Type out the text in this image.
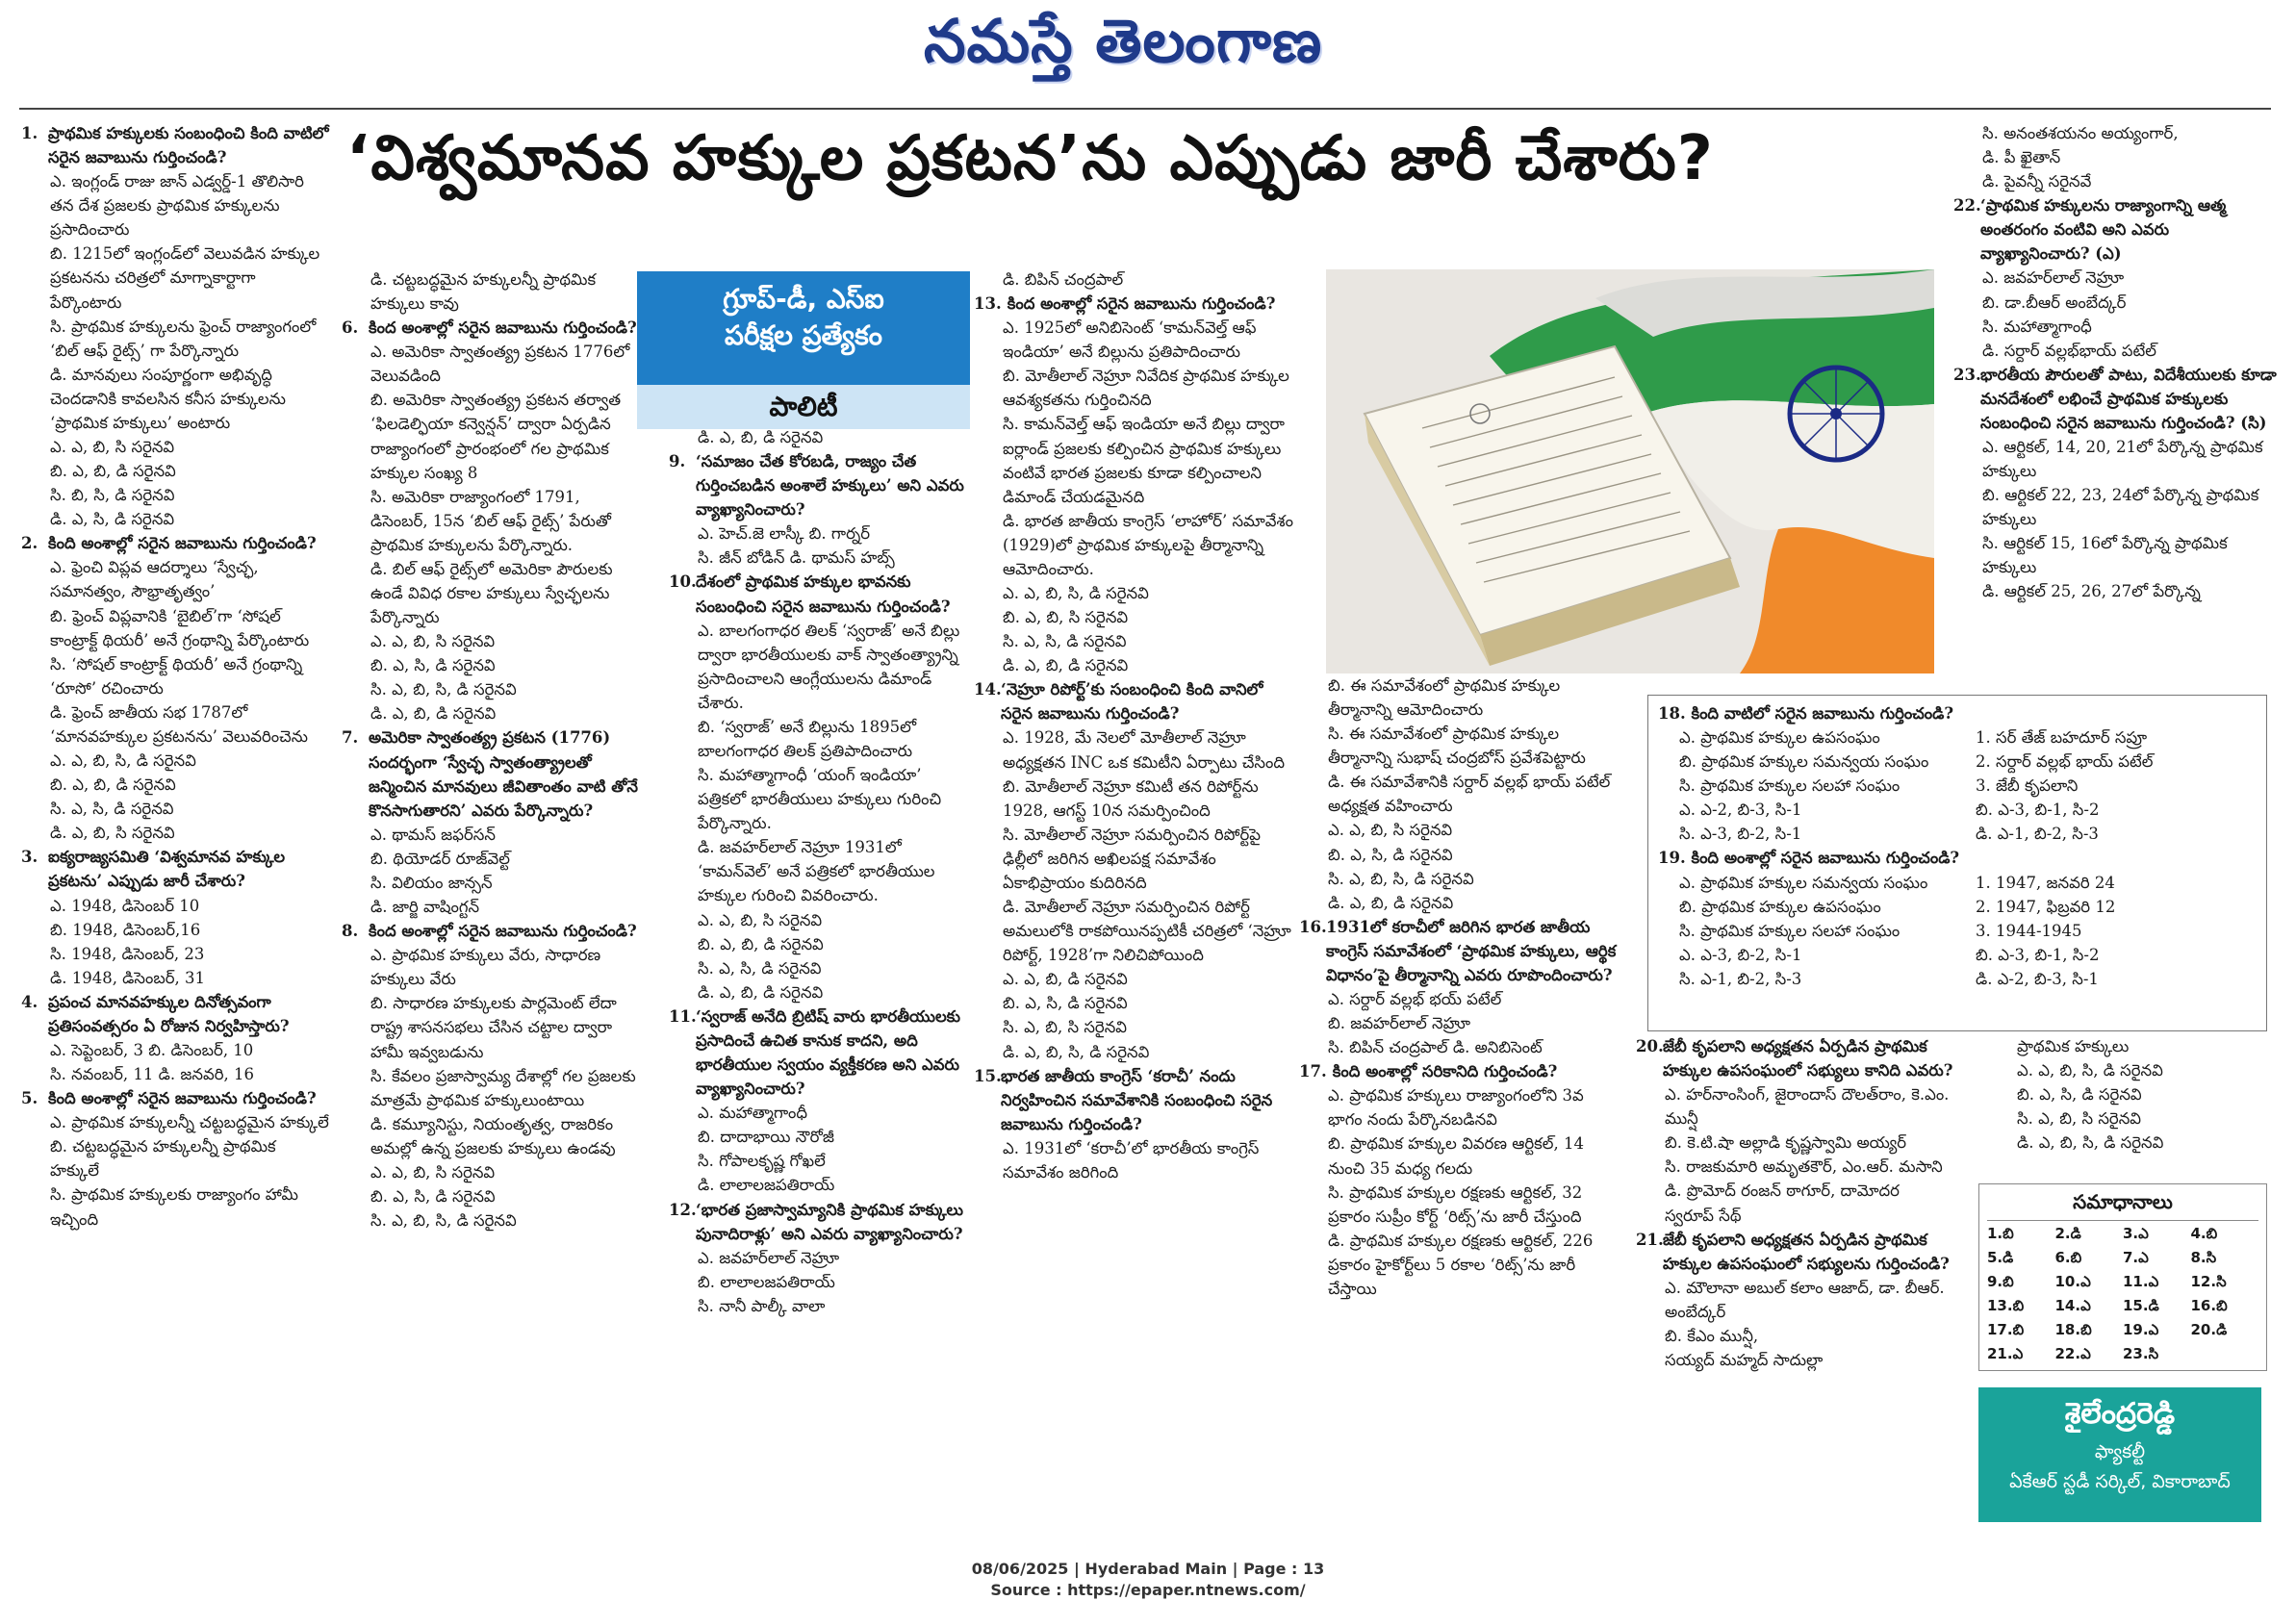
నమస్తే తెలంగాణ
‘విశ్వమానవ హక్కుల ప్రకటన’ను ఎప్పుడు జారీ చేశారు?

1. ప్రాథమిక హక్కులకు సంబంధించి కింది వాటిలో సరైన జవాబును గుర్తించండి?

ఎ. ఇంగ్లండ్ రాజు జాన్ ఎడ్వర్డ్-1 తొలిసారి తన దేశ ప్రజలకు ప్రాథమిక హక్కులను ప్రసాదించారు

బి. 1215లో ఇంగ్లండ్‌లో వెలువడిన హక్కుల ప్రకటనను చరిత్రలో మాగ్నాకార్టాగా పేర్కొంటారు

సి. ప్రాథమిక హక్కులను ఫ్రెంచ్ రాజ్యాంగంలో ‘బిల్ ఆఫ్ రైట్స్’ గా పేర్కొన్నారు

డి. మానవులు సంపూర్ణంగా అభివృద్ధి చెందడానికి కావలసిన కనీస హక్కులను ‘ప్రాథమిక హక్కులు’ అంటారు

ఎ. ఎ, బి, సి సరైనవి

బి. ఎ, బి, డి సరైనవి

సి. బి, సి, డి సరైనవి

డి. ఎ, సి, డి సరైనవి

2. కింది అంశాల్లో సరైన జవాబును గుర్తించండి?

ఎ. ఫ్రెంచి విప్లవ ఆదర్శాలు ‘స్వేచ్ఛ, సమానత్వం, సౌభ్రాతృత్వం’

బి. ఫ్రెంచ్ విప్లవానికి ‘బైబిల్’గా ‘సోషల్ కాంట్రాక్ట్ థియరీ’ అనే గ్రంథాన్ని పేర్కొంటారు

సి. ‘సోషల్ కాంట్రాక్ట్ థియరీ’ అనే గ్రంథాన్ని ‘రూసో’ రచించారు

డి. ఫ్రెంచ్ జాతీయ సభ 1787లో ‘మానవహక్కుల ప్రకటనను’ వెలువరించెను

ఎ. ఎ, బి, సి, డి సరైనవి

బి. ఎ, బి, డి సరైనవి

సి. ఎ, సి, డి సరైనవి

డి. ఎ, బి, సి సరైనవి

3. ఐక్యరాజ్యసమితి ‘విశ్వమానవ హక్కుల ప్రకటను’ ఎప్పుడు జారీ చేశారు?

ఎ. 1948, డిసెంబర్ 10

బి. 1948, డిసెంబర్,16

సి. 1948, డిసెంబర్, 23

డి. 1948, డిసెంబర్, 31

4. ప్రపంచ మానవహక్కుల దినోత్సవంగా ప్రతిసంవత్సరం ఏ రోజున నిర్వహిస్తారు?

ఎ. సెప్టెంబర్, 3 బి. డిసెంబర్, 10

సి. నవంబర్, 11 డి. జనవరి, 16

5. కింది అంశాల్లో సరైన జవాబును గుర్తించండి?

ఎ. ప్రాథమిక హక్కులన్నీ చట్టబద్ధమైన హక్కులే

బి. చట్టబద్ధమైన హక్కులన్నీ ప్రాథమిక హక్కులే

సి. ప్రాథమిక హక్కులకు రాజ్యాంగం హామీ ఇచ్చింది

డి. చట్టబద్ధమైన హక్కులన్నీ ప్రాథమిక హక్కులు కావు

6. కింద అంశాల్లో సరైన జవాబును గుర్తించండి?

ఎ. అమెరికా స్వాతంత్య్ర ప్రకటన 1776లో వెలువడింది

బి. అమెరికా స్వాతంత్య్ర ప్రకటన తర్వాత ‘ఫిలడెల్ఫియా కన్వెన్షన్’ ద్వారా ఏర్పడిన రాజ్యాంగంలో ప్రారంభంలో గల ప్రాథమిక హక్కుల సంఖ్య 8

సి. అమెరికా రాజ్యాంగంలో 1791, డిసెంబర్, 15న ‘బిల్ ఆఫ్ రైట్స్’ పేరుతో ప్రాథమిక హక్కులను పేర్కొన్నారు.

డి. బిల్ ఆఫ్ రైట్స్‌లో అమెరికా పౌరులకు ఉండే వివిధ రకాల హక్కులు స్వేచ్ఛలను పేర్కొన్నారు

ఎ. ఎ, బి, సి సరైనవి

బి. ఎ, సి, డి సరైనవి

సి. ఎ, బి, సి, డి సరైనవి

డి. ఎ, బి, డి సరైనవి

7. అమెరికా స్వాతంత్య్ర ప్రకటన (1776) సందర్భంగా ‘స్వేచ్ఛ స్వాతంత్య్రాలతో జన్మించిన మానవులు జీవితాంతం వాటి తోనే కొనసాగుతారని’ ఎవరు పేర్కొన్నారు?

ఎ. థామస్ జఫర్‌సన్

బి. థియోడర్ రూజ్‌వెల్ట్

సి. విలియం జాన్సన్

డి. జార్జి వాషింగ్టన్

8. కింద అంశాల్లో సరైన జవాబును గుర్తించండి?

ఎ. ప్రాథమిక హక్కులు వేరు, సాధారణ హక్కులు వేరు

బి. సాధారణ హక్కులకు పార్లమెంట్ లేదా రాష్ట్ర శాసనసభలు చేసిన చట్టాల ద్వారా హామీ ఇవ్వబడును

సి. కేవలం ప్రజాస్వామ్య దేశాల్లో గల ప్రజలకు మాత్రమే ప్రాథమిక హక్కులుంటాయి

డి. కమ్యూనిస్టు, నియంతృత్వ, రాజరికం అమల్లో ఉన్న ప్రజలకు హక్కులు ఉండవు

ఎ. ఎ, బి, సి సరైనవి

బి. ఎ, సి, డి సరైనవి

సి. ఎ, బి, సి, డి సరైనవి

గ్రూప్-డీ, ఎస్ఐ
పరీక్షల ప్రత్యేకం
పాలిటీ

డి. ఎ, బి, డి సరైనవి

9. ‘సమాజం చేత కోరబడి, రాజ్యం చేత గుర్తించబడిన అంశాలే హక్కులు’ అని ఎవరు వ్యాఖ్యానించారు?

ఎ. హెచ్.జె లాస్కీ బి. గార్నర్

సి. జీన్ బోడిన్ డి. థామస్ హబ్స్

10. దేశంలో ప్రాథమిక హక్కుల భావనకు సంబంధించి సరైన జవాబును గుర్తించండి?

ఎ. బాలగంగాధర తిలక్ ‘స్వరాజ్’ అనే బిల్లు ద్వారా భారతీయులకు వాక్ స్వాతంత్య్రాన్ని ప్రసాదించాలని ఆంగ్లేయులను డిమాండ్ చేశారు.

బి. ‘స్వరాజ్’ అనే బిల్లును 1895లో బాలగంగాధర తిలక్ ప్రతిపాదించారు

సి. మహాత్మాగాంధీ ‘యంగ్ ఇండియా’ పత్రికలో భారతీయులు హక్కులు గురించి పేర్కొన్నారు.

డి. జవహర్‌లాల్ నెహ్రూ 1931లో ‘కామన్‌వెల్’ అనే పత్రికలో భారతీయుల హక్కుల గురించి వివరించారు.

ఎ. ఎ, బి, సి సరైనవి

బి. ఎ, బి, డి సరైనవి

సి. ఎ, సి, డి సరైనవి

డి. ఎ, బి, డి సరైనవి

11. ‘స్వరాజ్ అనేది బ్రిటిష్ వారు భారతీయులకు ప్రసాదించే ఉచిత కానుక కాదని, అది భారతీయుల స్వయం వ్యక్తీకరణ అని ఎవరు వ్యాఖ్యానించారు?

ఎ. మహాత్మాగాంధీ

బి. దాదాభాయి నౌరోజీ

సి. గోపాలకృష్ణ గోఖలే

డి. లాలాలజపతిరాయ్

12. ‘భారత ప్రజాస్వామ్యానికి ప్రాథమిక హక్కులు పునాదిరాళ్లు’ అని ఎవరు వ్యాఖ్యానించారు?

ఎ. జవహర్‌లాల్ నెహ్రూ

బి. లాలాలజపతిరాయ్

సి. నానీ పాల్కీ వాలా

డి. బిపిన్ చంద్రపాల్

13. కింద అంశాల్లో సరైన జవాబును గుర్తించండి?

ఎ. 1925లో అనిబిసెంట్ ‘కామన్‌వెల్త్ ఆఫ్ ఇండియా’ అనే బిల్లును ప్రతిపాదించారు

బి. మోతీలాల్ నెహ్రూ నివేదిక ప్రాథమిక హక్కుల ఆవశ్యకతను గుర్తించినది

సి. కామన్‌వెల్త్ ఆఫ్ ఇండియా అనే బిల్లు ద్వారా ఐర్లాండ్ ప్రజలకు కల్పించిన ప్రాథమిక హక్కులు వంటివే భారత ప్రజలకు కూడా కల్పించాలని డిమాండ్ చేయడమైనది

డి. భారత జాతీయ కాంగ్రెస్ ‘లాహోర్’ సమావేశం (1929)లో ప్రాథమిక హక్కులపై తీర్మానాన్ని ఆమోదించారు.

ఎ. ఎ, బి, సి, డి సరైనవి

బి. ఎ, బి, సి సరైనవి

సి. ఎ, సి, డి సరైనవి

డి. ఎ, బి, డి సరైనవి

14. ‘నెహ్రూ రిపోర్ట్’కు సంబంధించి కింది వానిలో సరైన జవాబును గుర్తించండి?

ఎ. 1928, మే నెలలో మోతీలాల్ నెహ్రూ అధ్యక్షతన INC ఒక కమిటీని ఏర్పాటు చేసింది

బి. మోతీలాల్ నెహ్రూ కమిటీ తన రిపోర్ట్‌ను 1928, ఆగస్ట్ 10న సమర్పించింది

సి. మోతీలాల్ నెహ్రూ సమర్పించిన రిపోర్ట్‌పై ఢిల్లీలో జరిగిన అఖిలపక్ష సమావేశం ఏకాభిప్రాయం కుదిరినది

డి. మోతీలాల్ నెహ్రూ సమర్పించిన రిపోర్ట్ అమలులోకి రాకపోయినప్పటికీ చరిత్రలో ‘నెహ్రూ రిపోర్ట్, 1928’గా నిలిచిపోయింది

ఎ. ఎ, బి, డి సరైనవి

బి. ఎ, సి, డి సరైనవి

సి. ఎ, బి, సి సరైనవి

డి. ఎ, బి, సి, డి సరైనవి

15. భారత జాతీయ కాంగ్రెస్ ‘కరాచీ’ నందు నిర్వహించిన సమావేశానికి సంబంధించి సరైన జవాబును గుర్తించండి?

ఎ. 1931లో ‘కరాచీ’లో భారతీయ కాంగ్రెస్ సమావేశం జరిగింది

బి. ఈ సమావేశంలో ప్రాథమిక హక్కుల తీర్మానాన్ని ఆమోదించారు

సి. ఈ సమావేశంలో ప్రాథమిక హక్కుల తీర్మానాన్ని సుభాష్ చంద్రబోస్ ప్రవేశపెట్టారు

డి. ఈ సమావేశానికి సర్దార్ వల్లభ్ భాయ్ పటేల్ అధ్యక్షత వహించారు

ఎ. ఎ, బి, సి సరైనవి

బి. ఎ, సి, డి సరైనవి

సి. ఎ, బి, సి, డి సరైనవి

డి. ఎ, బి, డి సరైనవి

16. 1931లో కరాచీలో జరిగిన భారత జాతీయ కాంగ్రెస్ సమావేశంలో ‘ప్రాథమిక హక్కులు, ఆర్థిక విధానం’పై తీర్మానాన్ని ఎవరు రూపొందించారు?

ఎ. సర్దార్ వల్లభ్ భయ్ పటేల్

బి. జవహర్‌లాల్ నెహ్రూ

సి. బిపిన్ చంద్రపాల్ డి. అనిబిసెంట్

17. కింది అంశాల్లో సరికానిది గుర్తించండి?

ఎ. ప్రాథమిక హక్కులు రాజ్యాంగంలోని 3వ భాగం నందు పేర్కొనబడినవి

బి. ప్రాథమిక హక్కుల వివరణ ఆర్టికల్, 14 నుంచి 35 మధ్య గలదు

సి. ప్రాథమిక హక్కుల రక్షణకు ఆర్టికల్, 32 ప్రకారం సుప్రీం కోర్ట్ ‘రిట్స్’ను జారీ చేస్తుంది

డి. ప్రాథమిక హక్కుల రక్షణకు ఆర్టికల్, 226 ప్రకారం హైకోర్ట్‌లు 5 రకాల ‘రిట్స్’ను జారీ చేస్తాయి

18. కింది వాటిలో సరైన జవాబును గుర్తించండి?

ఎ. ప్రాథమిక హక్కుల ఉపసంఘం	1. సర్ తేజ్ బహదూర్ సప్రూ
బి. ప్రాథమిక హక్కుల సమన్వయ సంఘం	2. సర్దార్ వల్లభ్ భాయ్ పటేల్
సి. ప్రాథమిక హక్కుల సలహా సంఘం	3. జేబీ కృపలాని
ఎ. ఎ-2, బి-3, సి-1	బి. ఎ-3, బి-1, సి-2
సి. ఎ-3, బి-2, సి-1	డి. ఎ-1, బి-2, సి-3

19. కింది అంశాల్లో సరైన జవాబును గుర్తించండి?

ఎ. ప్రాథమిక హక్కుల సమన్వయ సంఘం	1. 1947, జనవరి 24
బి. ప్రాథమిక హక్కుల ఉపసంఘం	2. 1947, ఫిబ్రవరి 12
సి. ప్రాథమిక హక్కుల సలహా సంఘం	3. 1944-1945
ఎ. ఎ-3, బి-2, సి-1	బి. ఎ-3, బి-1, సి-2
సి. ఎ-1, బి-2, సి-3	డి. ఎ-2, బి-3, సి-1

20. జేబీ కృపలాని అధ్యక్షతన ఏర్పడిన ప్రాథమిక హక్కుల ఉపసంఘంలో సభ్యులు కానిది ఎవరు?

ఎ. హర్‌నాంసింగ్, జైరాందాస్ దౌలత్‌రాం, కె.ఎం. మున్షీ

బి. కె.టి.షా అల్లాడి కృష్ణస్వామి అయ్యర్

సి. రాజకుమారి అమృతకౌర్, ఎం.ఆర్. మసాని

డి. ప్రొమోద్ రంజన్ ఠాగూర్, దామోదర స్వరూప్ సేథ్

21. జేబీ కృపలాని అధ్యక్షతన ఏర్పడిన ప్రాథమిక హక్కుల ఉపసంఘంలో సభ్యులను గుర్తించండి?

ఎ. మౌలానా అబుల్ కలాం ఆజాద్, డా. బీఆర్. అంబేద్కర్

బి. కేఎం మున్షీ,

సయ్యద్ మహ్మద్ సాదుల్లా

సి. అనంతశయనం అయ్యంగార్,

డి. పీ ఖైతాన్

డి. పైవన్నీ సరైనవే

22. ‘ప్రాథమిక హక్కులను రాజ్యాంగాన్ని ఆత్మ అంతరంగం వంటివి అని ఎవరు వ్యాఖ్యానించారు? (ఎ)

ఎ. జవహర్‌లాల్ నెహ్రూ

బి. డా.బీఆర్ అంబేద్కర్

సి. మహాత్మాగాంధీ

డి. సర్దార్ వల్లభ్‌భాయ్ పటేల్

23. భారతీయ పౌరులతో పాటు, విదేశీయులకు కూడా మనదేశంలో లభించే ప్రాథమిక హక్కులకు సంబంధించి సరైన జవాబును గుర్తించండి? (సి)

ఎ. ఆర్టికల్, 14, 20, 21లో పేర్కొన్న ప్రాథమిక హక్కులు

బి. ఆర్టికల్ 22, 23, 24లో పేర్కొన్న ప్రాథమిక హక్కులు

సి. ఆర్టికల్ 15, 16లో పేర్కొన్న ప్రాథమిక హక్కులు

డి. ఆర్టికల్ 25, 26, 27లో పేర్కొన్న

ప్రాథమిక హక్కులు

ఎ. ఎ, బి, సి, డి సరైనవి

బి. ఎ, సి, డి సరైనవి

సి. ఎ, బి, సి సరైనవి

డి. ఎ, బి, సి, డి సరైనవి

సమాధానాలు
1.బి	2.డి	3.ఎ	4.బి
5.డి	6.బి	7.ఎ	8.సి
9.బి	10.ఎ	11.ఎ	12.సి
13.బి	14.ఎ	15.డి	16.బి
17.బి	18.బి	19.ఎ	20.డి
21.ఎ	22.ఎ	23.సి
శైలేంద్రరెడ్డి
ఫ్యాకల్టీ
ఏకేఆర్ స్టడీ సర్కిల్, వికారాబాద్
08/06/2025 | Hyderabad Main | Page : 13
Source : https://epaper.ntnews.com/
